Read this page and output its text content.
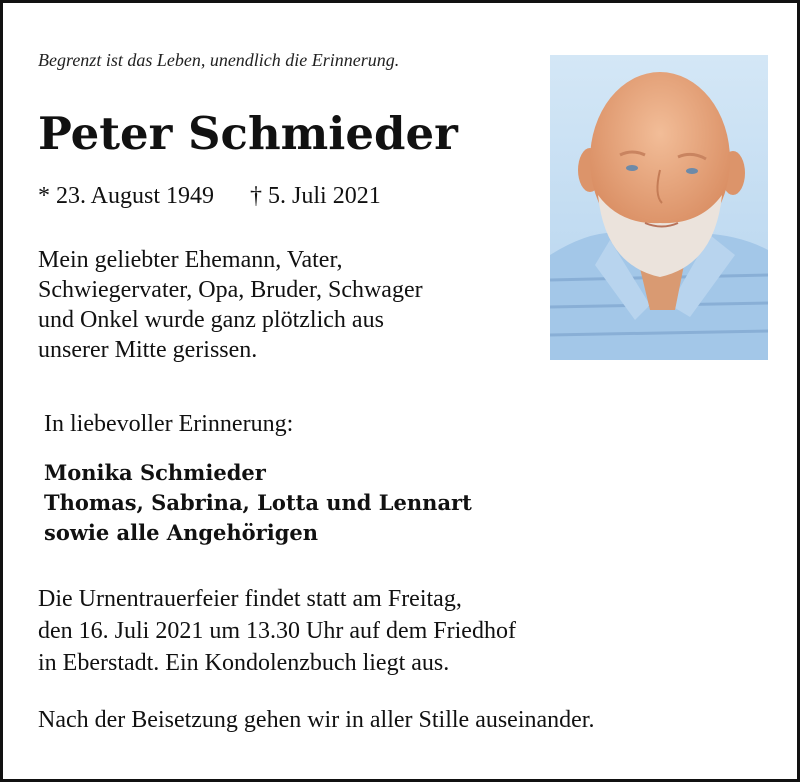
Begrenzt ist das Leben, unendlich die Erinnerung.
Peter Schmieder
* 23. August 1949 † 5. Juli 2021
Mein geliebter Ehemann, Vater,
Schwiegervater, Opa, Bruder, Schwager
und Onkel wurde ganz plötzlich aus
unserer Mitte gerissen.
In liebevoller Erinnerung:
Monika Schmieder
Thomas, Sabrina, Lotta und Lennart
sowie alle Angehörigen
Die Urnentrauerfeier findet statt am Freitag,
den 16. Juli 2021 um 13.30 Uhr auf dem Friedhof
in Eberstadt. Ein Kondolenzbuch liegt aus.
Nach der Beisetzung gehen wir in aller Stille auseinander.
